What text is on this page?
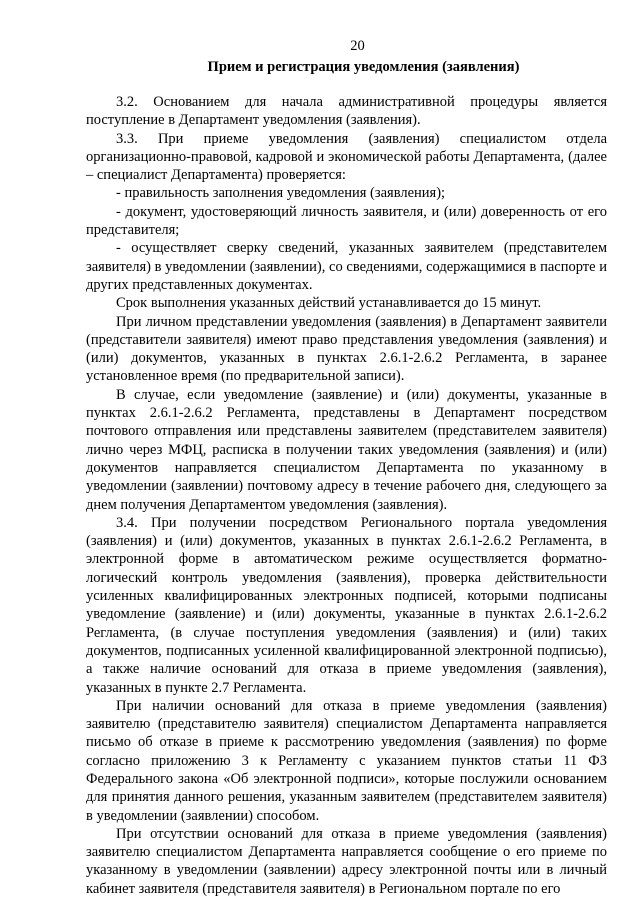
20
Прием и регистрация уведомления (заявления)

3.2. Основанием для начала административной процедуры является поступление в Департамент уведомления (заявления).

3.3. При приеме уведомления (заявления) специалистом отдела организационно-правовой, кадровой и экономической работы Департамента, (далее – специалист Департамента) проверяется:

- правильность заполнения уведомления (заявления);

- документ, удостоверяющий личность заявителя, и (или) доверенность от его представителя;

- осуществляет сверку сведений, указанных заявителем (представителем заявителя) в уведомлении (заявлении), со сведениями, содержащимися в паспорте и других представленных документах.

Срок выполнения указанных действий устанавливается до 15 минут.

При личном представлении уведомления (заявления) в Департамент заявители (представители заявителя) имеют право представления уведомления (заявления) и (или) документов, указанных в пунктах 2.6.1-2.6.2 Регламента, в заранее установленное время (по предварительной записи).

В случае, если уведомление (заявление) и (или) документы, указанные в пунктах 2.6.1-2.6.2 Регламента, представлены в Департамент посредством почтового отправления или представлены заявителем (представителем заявителя) лично через МФЦ, расписка в получении таких уведомления (заявления) и (или) документов направляется специалистом Департамента по указанному в уведомлении (заявлении) почтовому адресу в течение рабочего дня, следующего за днем получения Департаментом уведомления (заявления).

3.4. При получении посредством Регионального портала уведомления (заявления) и (или) документов, указанных в пунктах 2.6.1-2.6.2 Регламента, в электронной форме в автоматическом режиме осуществляется форматно-логический контроль уведомления (заявления), проверка действительности усиленных квалифицированных электронных подписей, которыми подписаны уведомление (заявление) и (или) документы, указанные в пунктах 2.6.1-2.6.2 Регламента, (в случае поступления уведомления (заявления) и (или) таких документов, подписанных усиленной квалифицированной электронной подписью), а также наличие оснований для отказа в приеме уведомления (заявления), указанных в пункте 2.7 Регламента.

При наличии оснований для отказа в приеме уведомления (заявления) заявителю (представителю заявителя) специалистом Департамента направляется письмо об отказе в приеме к рассмотрению уведомления (заявления) по форме согласно приложению 3 к Регламенту с указанием пунктов статьи 11 ФЗ Федерального закона «Об электронной подписи», которые послужили основанием для принятия данного решения, указанным заявителем (представителем заявителя) в уведомлении (заявлении) способом.

При отсутствии оснований для отказа в приеме уведомления (заявления) заявителю специалистом Департамента направляется сообщение о его приеме по указанному в уведомлении (заявлении) адресу электронной почты или в личный кабинет заявителя (представителя заявителя) в Региональном портале по его
